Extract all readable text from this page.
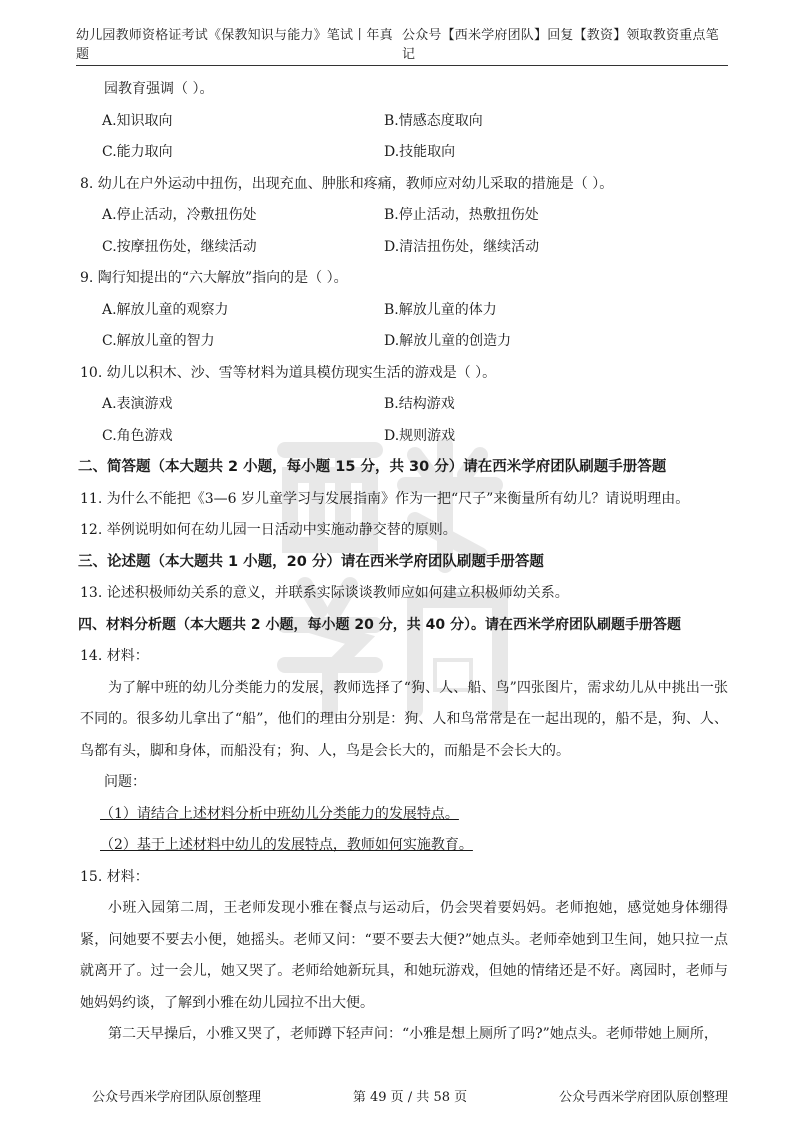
幼儿园教师资格证考试《保教知识与能力》笔试丨年真题
公众号【西米学府团队】回复【教资】领取教资重点笔记
园教育强调（ ）。
A.知识取向	B.情感态度取向
C.能力取向	D.技能取向
8. 幼儿在户外运动中扭伤，出现充血、肿胀和疼痛，教师应对幼儿采取的措施是（ ）。
A.停止活动，冷敷扭伤处	B.停止活动，热敷扭伤处
C.按摩扭伤处，继续活动	D.清洁扭伤处，继续活动
9. 陶行知提出的“六大解放”指向的是（ ）。
A.解放儿童的观察力	B.解放儿童的体力
C.解放儿童的智力	D.解放儿童的创造力
10. 幼儿以积木、沙、雪等材料为道具模仿现实生活的游戏是（ ）。
A.表演游戏	B.结构游戏
C.角色游戏	D.规则游戏
二、简答题（本大题共 2 小题，每小题 15 分，共 30 分）请在西米学府团队刷题手册答题
11. 为什么不能把《3—6 岁儿童学习与发展指南》作为一把“尺子”来衡量所有幼儿？请说明理由。
12. 举例说明如何在幼儿园一日活动中实施动静交替的原则。
三、论述题（本大题共 1 小题，20 分）请在西米学府团队刷题手册答题
13. 论述积极师幼关系的意义，并联系实际谈谈教师应如何建立积极师幼关系。
四、材料分析题（本大题共 2 小题，每小题 20 分，共 40 分）。请在西米学府团队刷题手册答题
14. 材料：

为了解中班的幼儿分类能力的发展，教师选择了“狗、人、船、鸟”四张图片，需求幼儿从中挑出一张不同的。很多幼儿拿出了“船”，他们的理由分别是：狗、人和鸟常常是在一起出现的，船不是，狗、人、鸟都有头，脚和身体，而船没有；狗、人，鸟是会长大的，而船是不会长大的。

问题：
（1）请结合上述材料分析中班幼儿分类能力的发展特点。
（2）基于上述材料中幼儿的发展特点，教师如何实施教育。
15. 材料：

小班入园第二周，王老师发现小雅在餐点与运动后，仍会哭着要妈妈。老师抱她，感觉她身体绷得紧，问她要不要去小便，她摇头。老师又问：“要不要去大便?”她点头。老师牵她到卫生间，她只拉一点就离开了。过一会儿，她又哭了。老师给她新玩具，和她玩游戏，但她的情绪还是不好。离园时，老师与她妈妈约谈，了解到小雅在幼儿园拉不出大便。

第二天早操后，小雅又哭了，老师蹲下轻声问：“小雅是想上厕所了吗?”她点头。老师带她上厕所，

公众号西米学府团队原创整理	第 49 页 / 共 58 页	公众号西米学府团队原创整理
